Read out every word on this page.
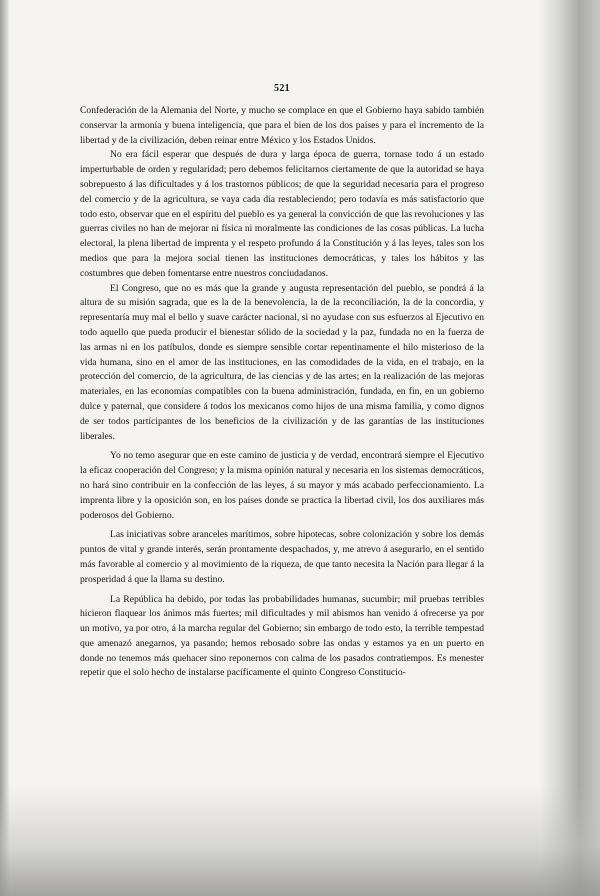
521

Confederación de la Alemania del Norte, y mucho se complace en que el Gobierno haya sabido también conservar la armonía y buena inteligencia, que para el bien de los dos países y para el incremento de la libertad y de la civilización, deben reinar entre México y los Estados Unidos.

No era fácil esperar que después de dura y larga época de guerra, tornase todo á un estado imperturbable de orden y regularidad; pero debemos felicitarnos ciertamente de que la autoridad se haya sobrepuesto á las dificultades y á los trastornos públicos; de que la seguridad necesaria para el progreso del comercio y de la agricultura, se vaya cada día restableciendo; pero todavía es más satisfactorio que todo esto, observar que en el espíritu del pueblo es ya general la convicción de que las revoluciones y las guerras civiles no han de mejorar ni física ni moralmente las condiciones de las cosas públicas. La lucha electoral, la plena libertad de imprenta y el respeto profundo á la Constitución y á las leyes, tales son los medios que para la mejora social tienen las instituciones democráticas, y tales los hábitos y las costumbres que deben fomentarse entre nuestros conciudadanos.

El Congreso, que no es más que la grande y augusta representación del pueblo, se pondrá á la altura de su misión sagrada, que es la de la benevolencia, la de la reconciliación, la de la concordia, y representaría muy mal el bello y suave carácter nacional, si no ayudase con sus esfuerzos al Ejecutivo en todo aquello que pueda producir el bienestar sólido de la sociedad y la paz, fundada no en la fuerza de las armas ni en los patíbulos, donde es siempre sensible cortar repentinamente el hilo misterioso de la vida humana, sino en el amor de las instituciones, en las comodidades de la vida, en el trabajo, en la protección del comercio, de la agricultura, de las ciencias y de las artes; en la realización de las mejoras materiales, en las economías compatibles con la buena administración, fundada, en fin, en un gobierno dulce y paternal, que considere á todos los mexicanos como hijos de una misma familia, y como dignos de ser todos partícipantes de los beneficios de la civilización y de las garantías de las instituciones liberales.

Yo no temo asegurar que en este camino de justicia y de verdad, encontrará siempre el Ejecutivo la eficaz cooperación del Congreso; y la misma opinión natural y necesaria en los sistemas democráticos, no hará sino contribuir en la confección de las leyes, á su mayor y más acabado perfeccionamiento. La imprenta libre y la oposición son, en los países donde se practica la libertad civil, los dos auxiliares más poderosos del Gobierno.

Las iniciativas sobre aranceles marítimos, sobre hipotecas, sobre colonización y sobre los demás puntos de vital y grande interés, serán prontamente despachados, y, me atrevo á asegurarlo, en el sentido más favorable al comercio y al movimiento de la riqueza, de que tanto necesita la Nación para llegar á la prosperidad á que la llama su destino.

La República ha debido, por todas las probabilidades humanas, sucumbir; mil pruebas terribles hicieron flaquear los ánimos más fuertes; mil dificultades y mil abismos han venido á ofrecerse ya por un motivo, ya por otro, á la marcha regular del Gobierno; sin embargo de todo esto, la terrible tempestad que amenazó anegarnos, ya pasando; hemos rebosado sobre las ondas y estamos ya en un puerto en donde no tenemos más quehacer sino reponernos con calma de los pasados contratiempos. Es menester repetir que el solo hecho de instalarse pacíficamente el quinto Congreso Constitucio-
